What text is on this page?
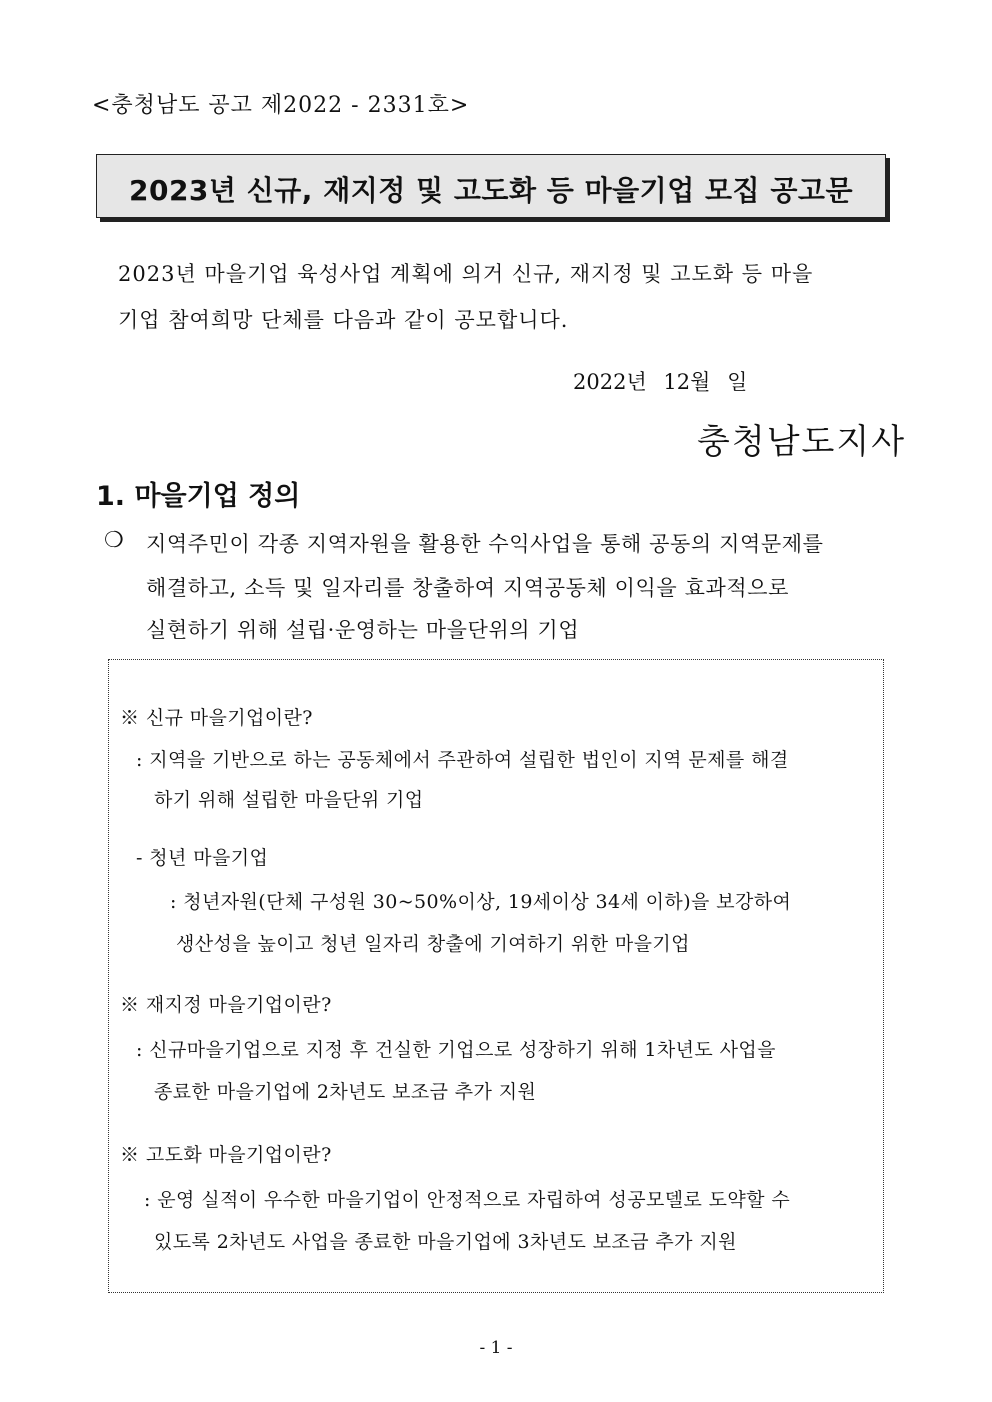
<충청남도 공고 제2022 - 2331호>
2023년 신규, 재지정 및 고도화 등 마을기업 모집 공고문
2023년 마을기업 육성사업 계획에 의거 신규, 재지정 및 고도화 등 마을
기업 참여희망 단체를 다음과 같이 공모합니다.
2022년 12월 일
충청남도지사
1. 마을기업 정의
❍ 지역주민이 각종 지역자원을 활용한 수익사업을 통해 공동의 지역문제를
해결하고, 소득 및 일자리를 창출하여 지역공동체 이익을 효과적으로
실현하기 위해 설립·운영하는 마을단위의 기업
※ 신규 마을기업이란?
: 지역을 기반으로 하는 공동체에서 주관하여 설립한 법인이 지역 문제를 해결
하기 위해 설립한 마을단위 기업
- 청년 마을기업
: 청년자원(단체 구성원 30~50%이상, 19세이상 34세 이하)을 보강하여
생산성을 높이고 청년 일자리 창출에 기여하기 위한 마을기업
※ 재지정 마을기업이란?
: 신규마을기업으로 지정 후 건실한 기업으로 성장하기 위해 1차년도 사업을
종료한 마을기업에 2차년도 보조금 추가 지원
※ 고도화 마을기업이란?
: 운영 실적이 우수한 마을기업이 안정적으로 자립하여 성공모델로 도약할 수
있도록 2차년도 사업을 종료한 마을기업에 3차년도 보조금 추가 지원
- 1 -
